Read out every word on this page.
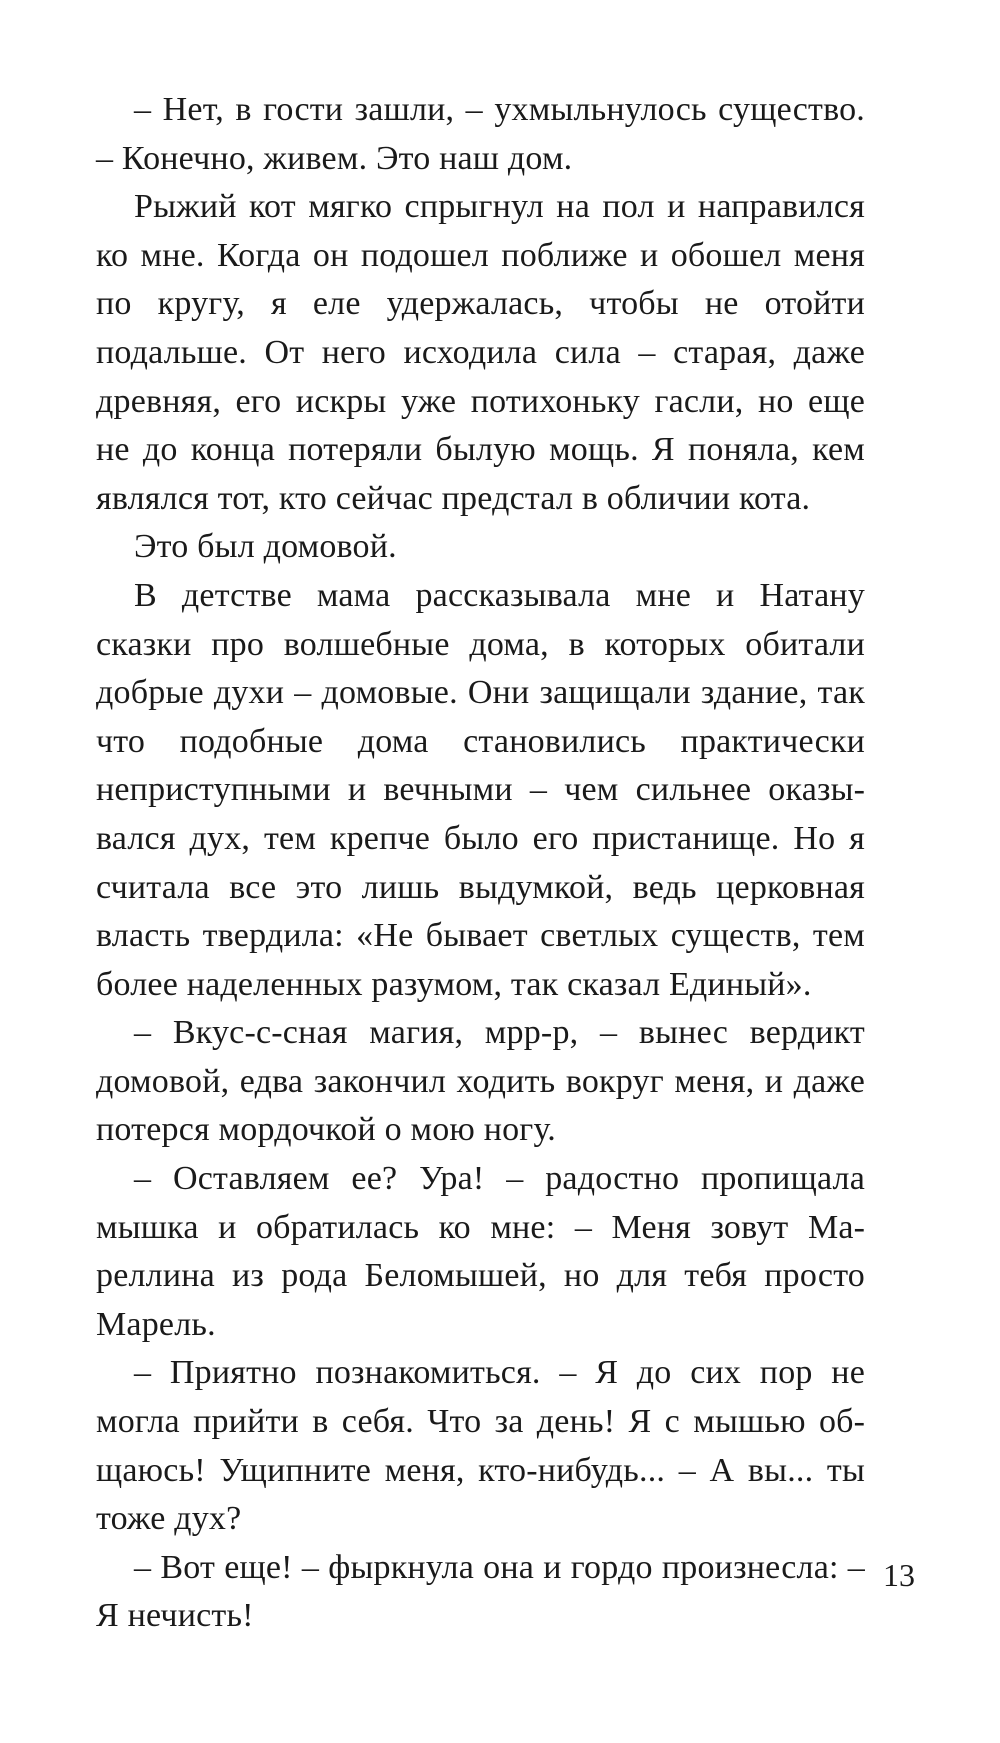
– Нет, в гости зашли, – ухмыльнулось существо. – Конечно, живем. Это наш дом.

Рыжий кот мягко спрыгнул на пол и направился ко мне. Когда он подошел поближе и обошел меня по кругу, я еле удержалась, чтобы не отойти подальше. От него исходила сила – старая, даже древняя, его искры уже потихоньку гасли, но еще не до конца потеряли былую мощь. Я поняла, кем являлся тот, кто сейчас предстал в обличии кота.

Это был домовой.

В детстве мама рассказывала мне и Натану сказки про волшебные дома, в которых обитали добрые духи – домовые. Они защищали здание, так что подобные дома становились практически неприступными и вечными – чем сильнее оказывался дух, тем крепче было его пристанище. Но я считала все это лишь выдумкой, ведь церковная власть твердила: «Не бывает светлых существ, тем более наделенных разумом, так сказал Единый».

– Вкус-с-сная магия, мрр-р, – вынес вердикт домовой, едва закончил ходить вокруг меня, и даже потерся мордочкой о мою ногу.

– Оставляем ее? Ура! – радостно пропищала мышка и обратилась ко мне: – Меня зовут Мареллина из рода Беломышей, но для тебя просто Марель.

– Приятно познакомиться. – Я до сих пор не могла прийти в себя. Что за день! Я с мышью общаюсь! Ущипните меня, кто-нибудь... – А вы... ты тоже дух?

– Вот еще! – фыркнула она и гордо произнесла: – Я нечисть!

13
